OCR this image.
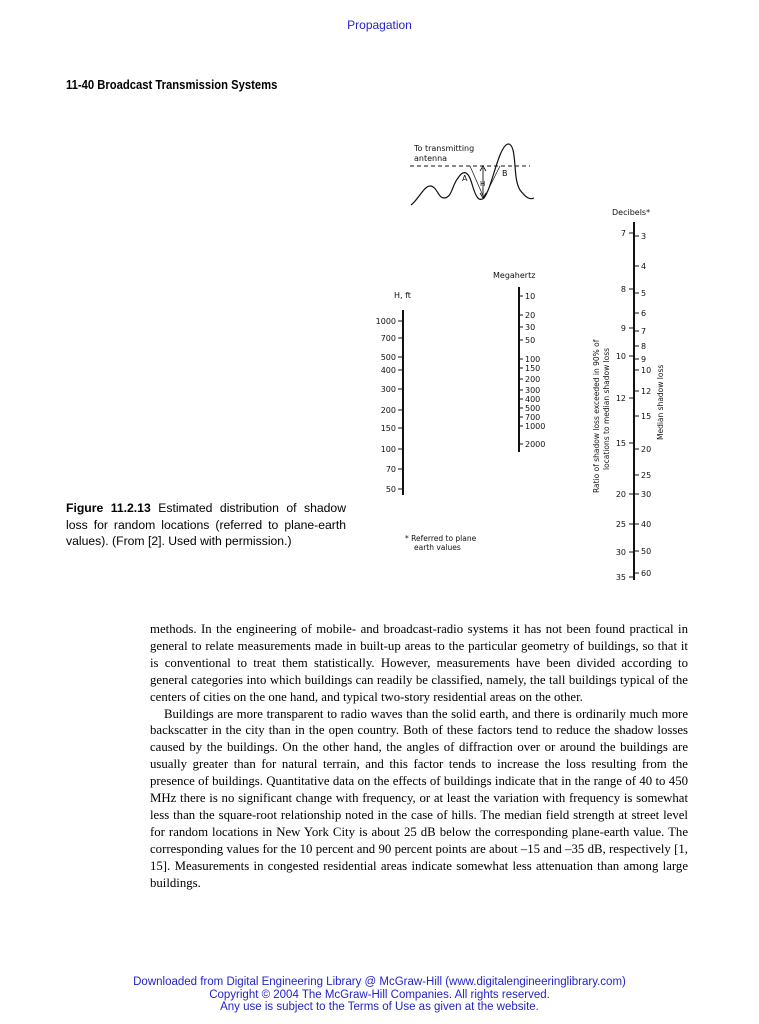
Propagation
11-40 Broadcast Transmission Systems
To transmitting
antenna
A
B
H
H, ft
1000
700
500
400
300
200
150
100
70
50
Megahertz
10
20
30
50
100
150
200
300
400
500
700
1000
2000
Decibels*
7
8
9
10
12
15
20
25
30
35
3
4
5
6
7
8
9
10
12
15
20
25
30
40
50
60
Ratio of shadow loss exceeded in 90% of locations to median shadow loss	Median shadow loss
* Referred to plane
earth values
Figure 11.2.13 Estimated distribution of shadow loss for random locations (referred to plane-earth values). (From [2]. Used with permission.)

methods. In the engineering of mobile- and broadcast-radio systems it has not been found practical in general to relate measurements made in built-up areas to the particular geometry of buildings, so that it is conventional to treat them statistically. However, measurements have been divided according to general categories into which buildings can readily be classified, namely, the tall buildings typical of the centers of cities on the one hand, and typical two-story residential areas on the other.

Buildings are more transparent to radio waves than the solid earth, and there is ordinarily much more backscatter in the city than in the open country. Both of these factors tend to reduce the shadow losses caused by the buildings. On the other hand, the angles of diffraction over or around the buildings are usually greater than for natural terrain, and this factor tends to increase the loss resulting from the presence of buildings. Quantitative data on the effects of buildings indicate that in the range of 40 to 450 MHz there is no significant change with frequency, or at least the variation with frequency is somewhat less than the square-root relationship noted in the case of hills. The median field strength at street level for random locations in New York City is about 25 dB below the corresponding plane-earth value. The corresponding values for the 10 percent and 90 percent points are about –15 and –35 dB, respectively [1, 15]. Measurements in congested residential areas indicate somewhat less attenuation than among large buildings.

Downloaded from Digital Engineering Library @ McGraw-Hill (www.digitalengineeringlibrary.com)
Copyright © 2004 The McGraw-Hill Companies. All rights reserved.
Any use is subject to the Terms of Use as given at the website.
